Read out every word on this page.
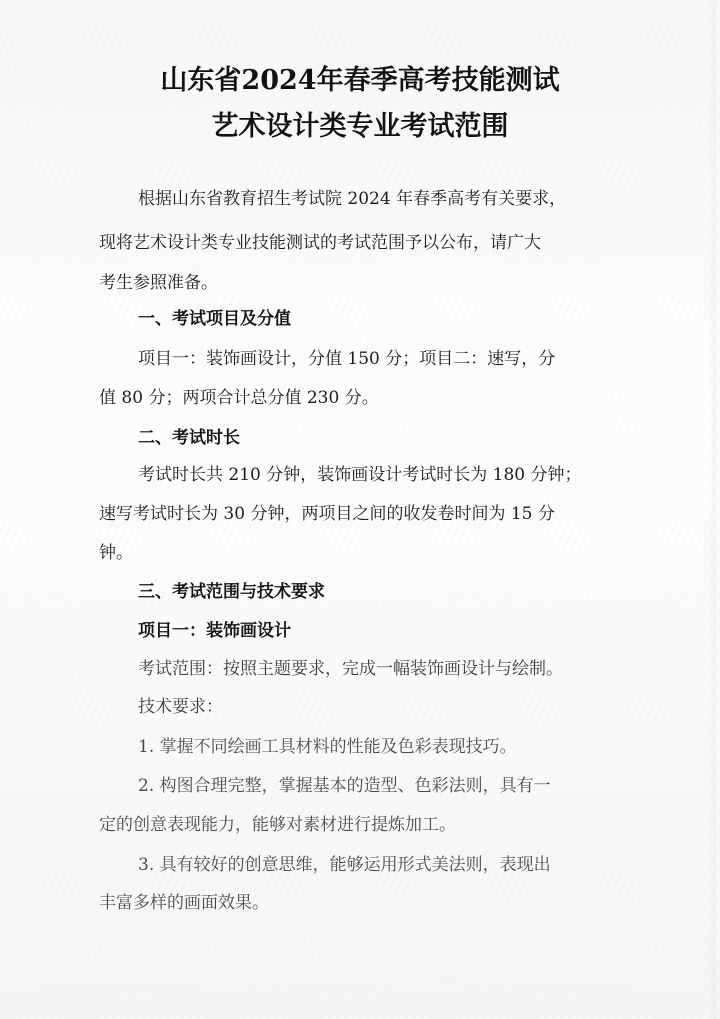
山东省2024年春季高考技能测试
艺术设计类专业考试范围
根据山东省教育招生考试院 2024 年春季高考有关要求，
现将艺术设计类专业技能测试的考试范围予以公布，请广大
考生参照准备。
一、考试项目及分值
项目一：装饰画设计，分值 150 分；项目二：速写，分
值 80 分；两项合计总分值 230 分。
二、考试时长
考试时长共 210 分钟，装饰画设计考试时长为 180 分钟；
速写考试时长为 30 分钟，两项目之间的收发卷时间为 15 分
钟。
三、考试范围与技术要求
项目一：装饰画设计
考试范围：按照主题要求，完成一幅装饰画设计与绘制。
技术要求：
1. 掌握不同绘画工具材料的性能及色彩表现技巧。
2. 构图合理完整，掌握基本的造型、色彩法则，具有一
定的创意表现能力，能够对素材进行提炼加工。
3. 具有较好的创意思维，能够运用形式美法则，表现出
丰富多样的画面效果。
